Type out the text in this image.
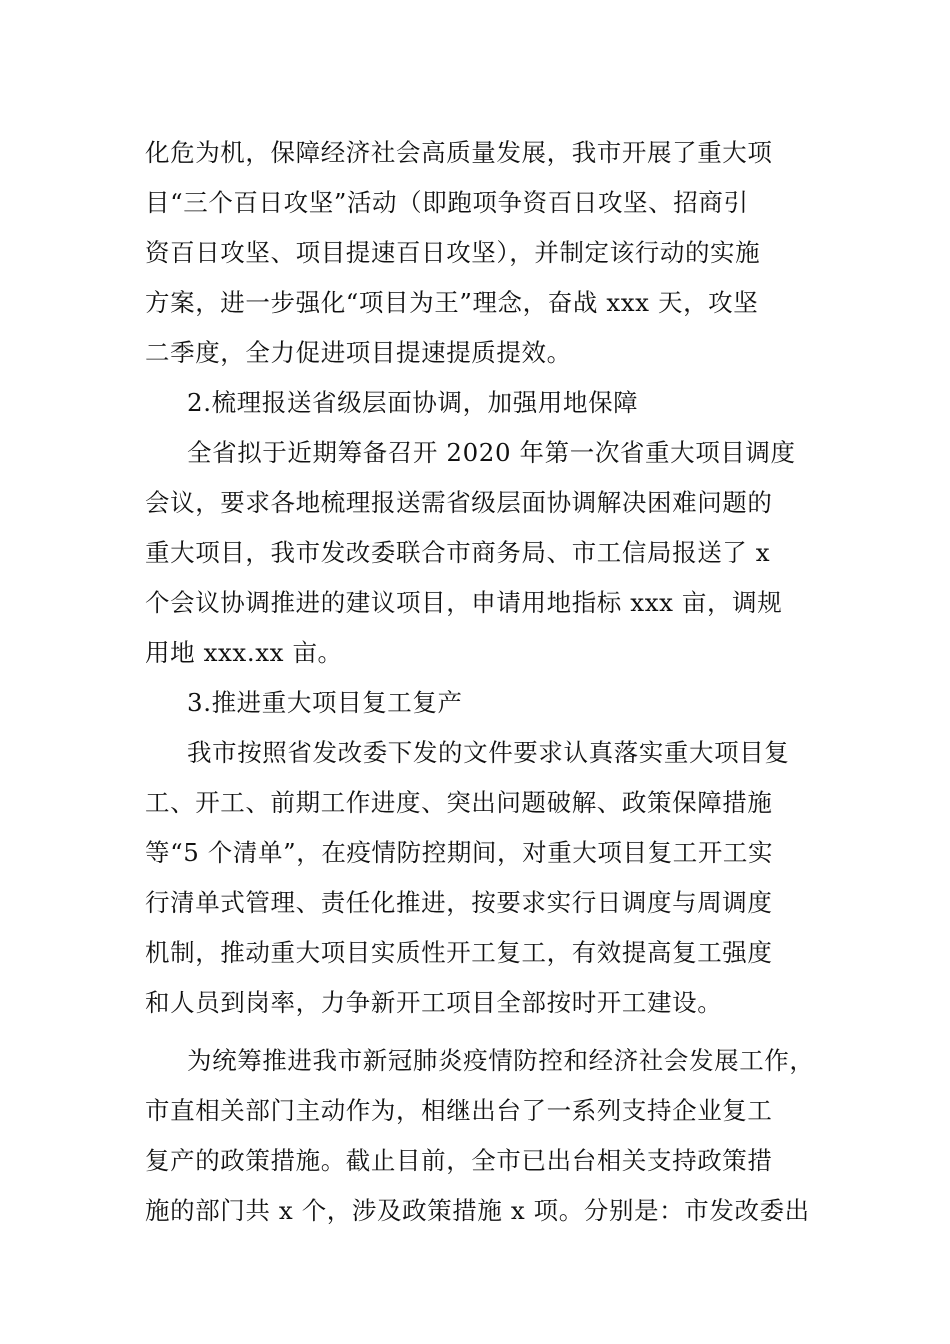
化危为机，保障经济社会高质量发展，我市开展了重大项
目“三个百日攻坚”活动（即跑项争资百日攻坚、招商引
资百日攻坚、项目提速百日攻坚），并制定该行动的实施
方案，进一步强化“项目为王”理念，奋战 xxx 天，攻坚
二季度，全力促进项目提速提质提效。
2.梳理报送省级层面协调，加强用地保障
全省拟于近期筹备召开 2020 年第一次省重大项目调度
会议，要求各地梳理报送需省级层面协调解决困难问题的
重大项目，我市发改委联合市商务局、市工信局报送了 x
个会议协调推进的建议项目，申请用地指标 xxx 亩，调规
用地 xxx.xx 亩。
3.推进重大项目复工复产
我市按照省发改委下发的文件要求认真落实重大项目复
工、开工、前期工作进度、突出问题破解、政策保障措施
等“5 个清单”，在疫情防控期间，对重大项目复工开工实
行清单式管理、责任化推进，按要求实行日调度与周调度
机制，推动重大项目实质性开工复工，有效提高复工强度
和人员到岗率，力争新开工项目全部按时开工建设。
为统筹推进我市新冠肺炎疫情防控和经济社会发展工作，
市直相关部门主动作为，相继出台了一系列支持企业复工
复产的政策措施。截止目前，全市已出台相关支持政策措
施的部门共 x 个，涉及政策措施 x 项。分别是：市发改委出
